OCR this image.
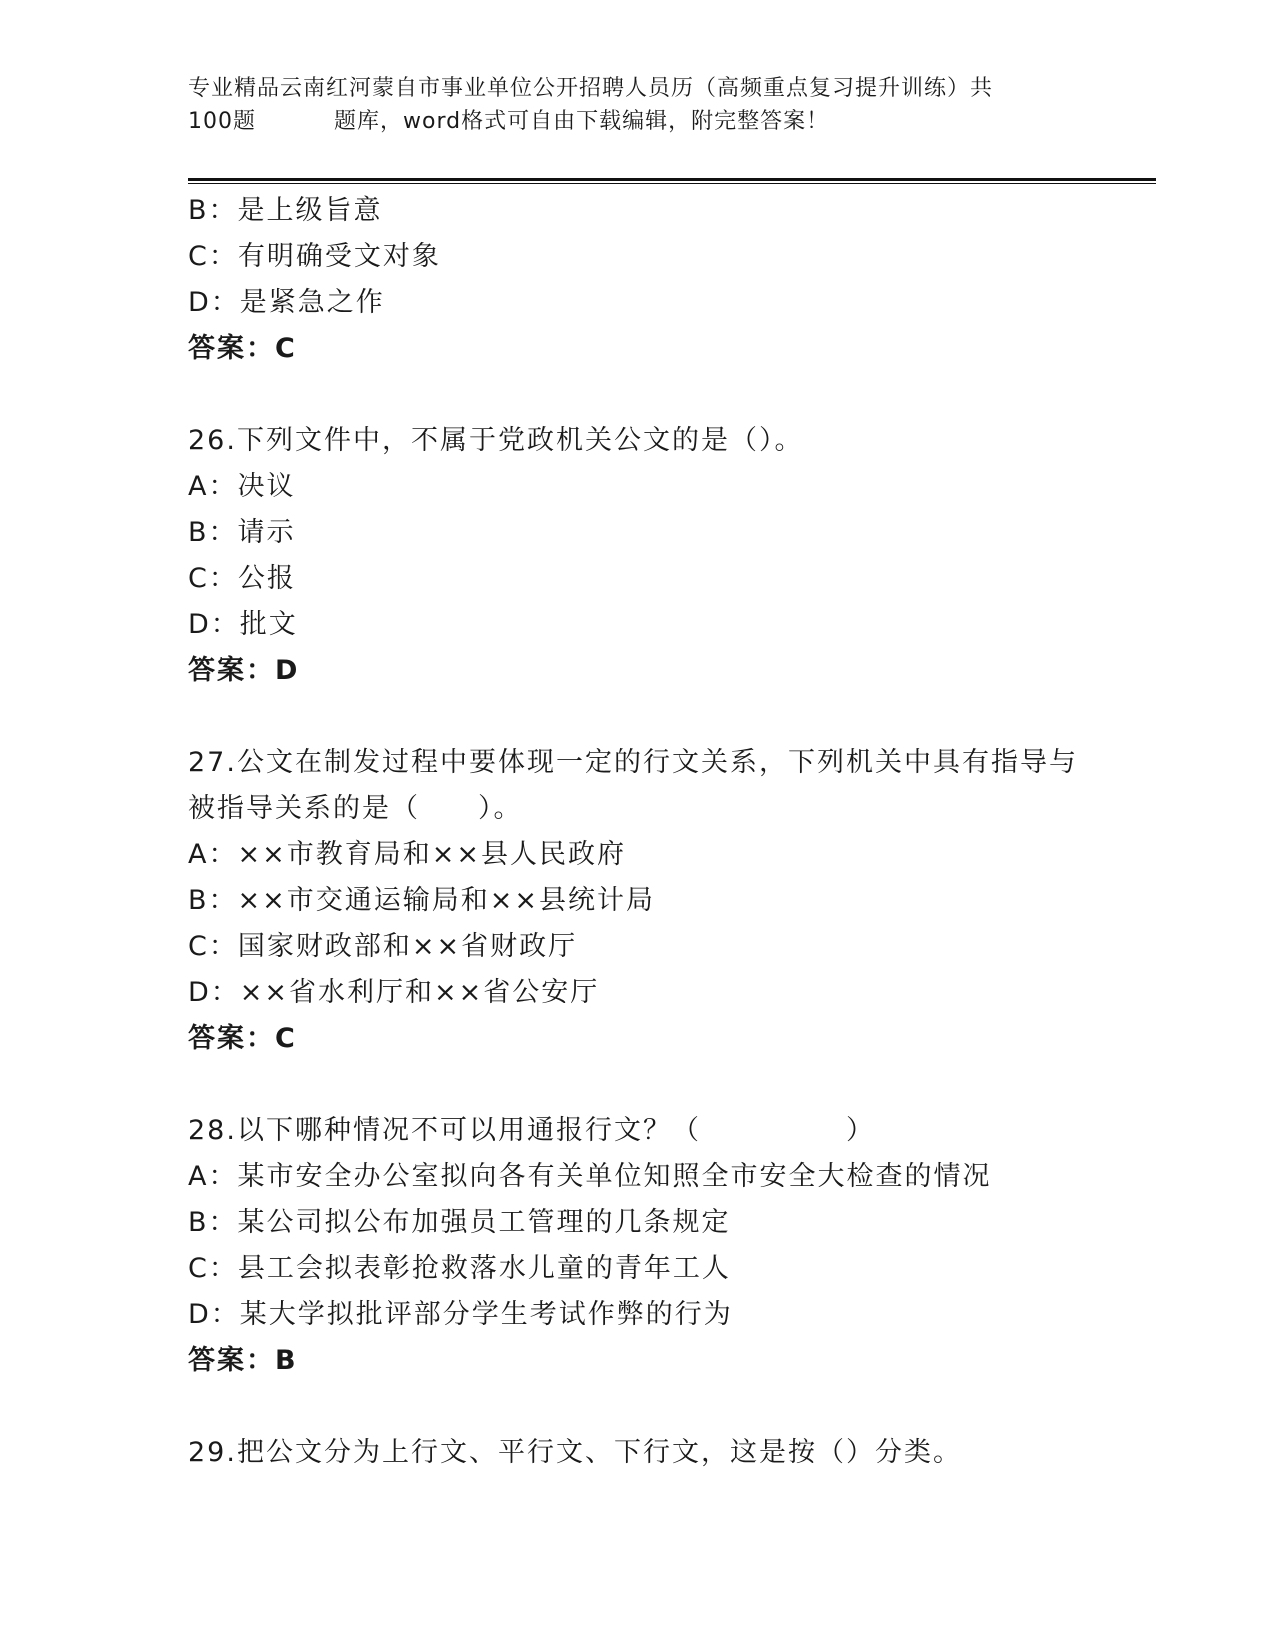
专业精品云南红河蒙自市事业单位公开招聘人员历（高频重点复习提升训练）共
100题	题库，word格式可自由下载编辑，附完整答案！
B：是上级旨意
C：有明确受文对象
D：是紧急之作
答案：C
26.下列文件中，不属于党政机关公文的是（）。
A：决议
B：请示
C：公报
D：批文
答案：D
27.公文在制发过程中要体现一定的行文关系，下列机关中具有指导与
被指导关系的是（　　）。
A：××市教育局和××县人民政府
B：××市交通运输局和××县统计局
C：国家财政部和××省财政厅
D：××省水利厅和××省公安厅
答案：C
28.以下哪种情况不可以用通报行文？（　　　　　）
A：某市安全办公室拟向各有关单位知照全市安全大检查的情况
B：某公司拟公布加强员工管理的几条规定
C：县工会拟表彰抢救落水儿童的青年工人
D：某大学拟批评部分学生考试作弊的行为
答案：B
29.把公文分为上行文、平行文、下行文，这是按（）分类。
